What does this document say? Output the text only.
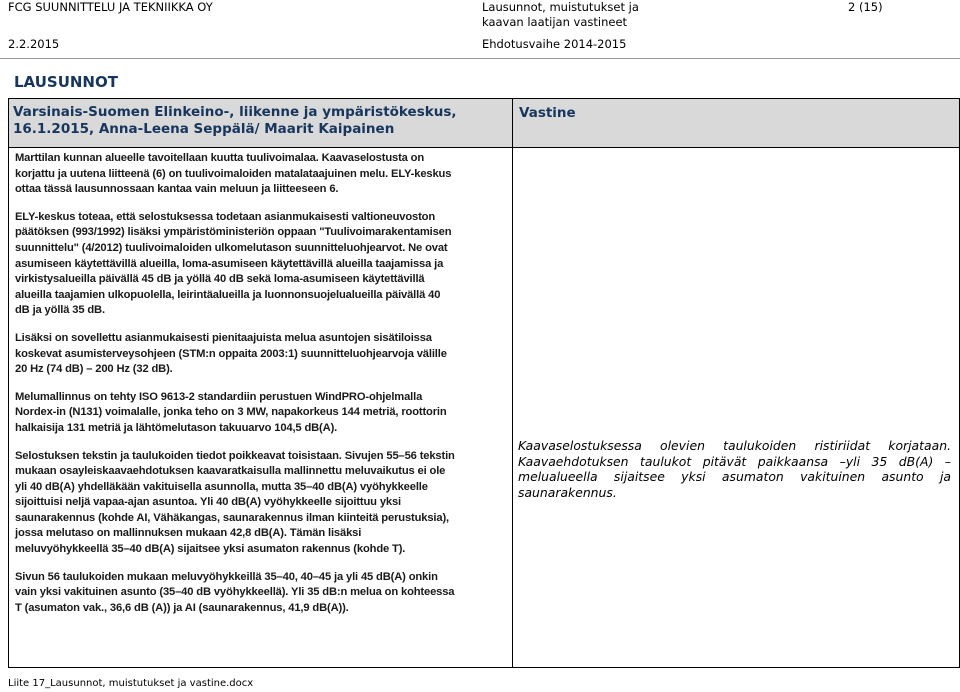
FCG SUUNNITTELU JA TEKNIIKKA OY	Lausunnot, muistutukset ja kaavan laatijan vastineet
2 (15)
2.2.2015	Ehdotusvaihe 2014-2015
LAUSUNNOT
Varsinais-Suomen Elinkeino-, liikenne ja ympäristökeskus, 16.1.2015, Anna-Leena Seppälä/ Maarit Kaipainen
Vastine

Marttilan kunnan alueelle tavoitellaan kuutta tuulivoimalaa. Kaavaselostusta on korjattu ja uutena liitteenä (6) on tuulivoimaloiden matalataajuinen melu. ELY-keskus ottaa tässä lausunnossaan kantaa vain meluun ja liitteeseen 6.

ELY-keskus toteaa, että selostuksessa todetaan asianmukaisesti valtioneuvoston päätöksen (993/1992) lisäksi ympäristöministeriön oppaan "Tuulivoimarakentamisen suunnittelu" (4/2012) tuulivoimaloiden ulkomelutason suunnitteluohjearvot. Ne ovat asumiseen käytettävillä alueilla, loma-asumiseen käytettävillä alueilla taajamissa ja virkistysalueilla päivällä 45 dB ja yöllä 40 dB sekä loma-asumiseen käytettävillä alueilla taajamien ulkopuolella, leirintäalueilla ja luonnonsuojelualueilla päivällä 40 dB ja yöllä 35 dB.

Lisäksi on sovellettu asianmukaisesti pienitaajuista melua asuntojen sisätiloissa koskevat asumisterveysohjeen (STM:n oppaita 2003:1) suunnitteluohjearvoja välille 20 Hz (74 dB) – 200 Hz (32 dB).

Melumallinnus on tehty ISO 9613-2 standardiin perustuen WindPRO-ohjelmalla Nordex-in (N131) voimalalle, jonka teho on 3 MW, napakorkeus 144 metriä, roottorin halkaisija 131 metriä ja lähtömelutason takuuarvo 104,5 dB(A).

Selostuksen tekstin ja taulukoiden tiedot poikkeavat toisistaan. Sivujen 55–56 tekstin mukaan osayleiskaavaehdotuksen kaavaratkaisulla mallinnettu meluvaikutus ei ole yli 40 dB(A) yhdelläkään vakituisella asunnolla, mutta 35–40 dB(A) vyöhykkeelle sijoittuisi neljä vapaa-ajan asuntoa. Yli 40 dB(A) vyöhykkeelle sijoittuu yksi saunarakennus (kohde AI, Vähäkangas, saunarakennus ilman kiinteitä perustuksia), jossa melutaso on mallinnuksen mukaan 42,8 dB(A). Tämän lisäksi meluvyöhykkeellä 35–40 dB(A) sijaitsee yksi asumaton rakennus (kohde T).

Sivun 56 taulukoiden mukaan meluvyöhykkeillä 35–40, 40–45 ja yli 45 dB(A) onkin vain yksi vakituinen asunto (35–40 dB vyöhykkeellä). Yli 35 dB:n melua on kohteessa T (asumaton vak., 36,6 dB (A)) ja AI (saunarakennus, 41,9 dB(A)).

Kaavaselostuksessa olevien taulukoiden ristiriidat korjataan. Kaavaehdotuksen taulukot pitävät paikkaansa –yli 35 dB(A) –melualueella sijaitsee yksi asumaton vakituinen asunto ja saunarakennus.
Liite 17_Lausunnot, muistutukset ja vastine.docx
